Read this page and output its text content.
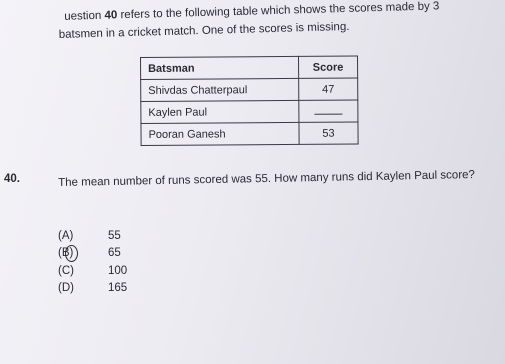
uestion 40 refers to the following table which shows the scores made by 3
batsmen in a cricket match. One of the scores is missing.
Batsman	Score
Shivdas Chatterpaul	47
Kaylen Paul	
Pooran Ganesh	53
40.	The mean number of runs scored was 55. How many runs did Kaylen Paul score?
(A)	55
(B)	65
(C)	100
(D)	165
